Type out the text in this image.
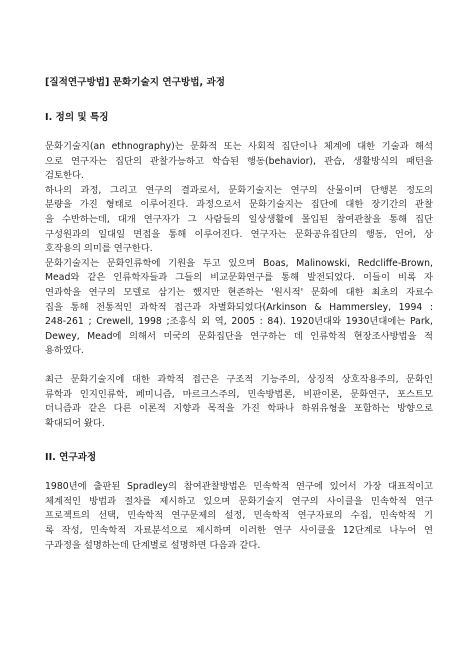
[질적연구방법] 문화기술지 연구방법, 과정
I. 정의 및 특징
문화기술지(an ethnography)는 문화적 또는 사회적 집단이나 체계에 대한 기술과 해석
으로 연구자는 집단의 관찰가능하고 학습된 행동(behavior), 관습, 생활방식의 패턴을
검토한다.
하나의 과정, 그리고 연구의 결과로서, 문화기술지는 연구의 산물이며 단행본 정도의
분량을 가진 형태로 이루어진다. 과정으로서 문화기술지는 집단에 대한 장기간의 관찰
을 수반하는데, 대개 연구자가 그 사람들의 일상생활에 몰입된 참여관찰을 통해 집단
구성원과의 일대일 면접을 통해 이루어진다. 연구자는 문화공유집단의 행동, 언어, 상
호작용의 의미를 연구한다.
문화기술지는 문화인류학에 기원을 두고 있으며 Boas, Malinowski, Redcliffe-Brown,
Mead와 같은 인류학자들과 그들의 비교문화연구를 통해 발전되었다. 이들이 비록 자
연과학을 연구의 모델로 삼기는 했지만 현존하는 '원시적' 문화에 대한 최초의 자료수
집을 통해 전통적인 과학적 접근과 차별화되었다(Arkinson & Hammersley, 1994 :
248-261 ; Crewell, 1998 ;조흥식 외 역, 2005 : 84). 1920년대와 1930년대에는 Park,
Dewey, Mead에 의해서 미국의 문화집단을 연구하는 데 인류학적 현장조사방법을 적
용하였다.
최근 문화기술지에 대한 과학적 접근은 구조적 기능주의, 상징적 상호작용주의, 문화인
류학과 인지인류학, 페미니즘, 마르크스주의, 민속방법론, 비판이론, 문화연구, 포스트모
더니즘과 같은 다른 이론적 지향과 목적을 가진 학파나 하위유형을 포함하는 방향으로
확대되어 왔다.
II. 연구과정
1980년에 출판된 Spradley의 참여관찰방법은 민속학적 연구에 있어서 가장 대표적이고
체계적인 방법과 절차를 제시하고 있으며 문화기술지 연구의 사이클을 민속학적 연구
프로젝트의 선택, 민속학적 연구문제의 설정, 민속학적 연구자료의 수집, 민속학적 기
록 작성, 민속학적 자료분석으로 제시하며 이러한 연구 사이클을 12단계로 나누어 연
구과정을 설명하는데 단계별로 설명하면 다음과 같다.
